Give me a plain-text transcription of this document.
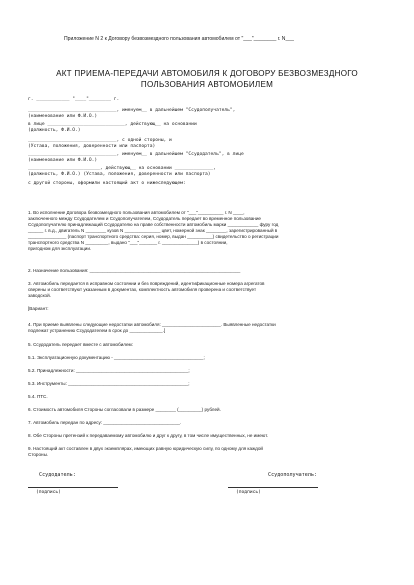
Приложение N 2 к Договору безвозмездного пользования автомобилем от "___"________ г. N___
АКТ ПРИЕМА-ПЕРЕДАЧИ АВТОМОБИЛЯ К ДОГОВОРУ БЕЗВОЗМЕЗДНОГО
ПОЛЬЗОВАНИЯ АВТОМОБИЛЕМ
г. ____________ "____"________ г.
________________________________, именуем__ в дальнейшем "Ссудополучатель",
(наименование или Ф.И.О.)
в лице ____________________________, действующ__ на основании
(должность, Ф.И.О.)
________________________________, с одной стороны, и
(Устава, положения, доверенности или паспорта)
________________________________, именуем__ в дальнейшем "Ссудодатель", в лице
(наименование или Ф.И.О.)
__________________________, действующ__ на основании ______________,
(должность, Ф.И.О.) (Устава, положения, доверенности или паспорта)
с другой стороны, оформили настоящий акт о нижеследующем:
1. Во исполнение Договора безвозмездного пользования автомобилем от "___"__________ г. N ____,
заключенного между Ссудодателем и Ссудополучателем, Ссудодатель передает во временное пользование
Ссудополучателю принадлежащий Ссудодателю на праве собственности автомобиль марки ____________ фуру год
______ г. в.д., двигатель N ________ кузов N ______________ цвет, номерной знак ________, зарегистрированный в
_______________ (паспорт транспортного средства: серия, номер, выдан __________) свидетельство о регистрации
транспортного средства N _________, выдано "___"_______ г. ______________) в состоянии,
пригодном для эксплуатации.
2. Назначение пользования: ___________________________________________________________
3. Автомобиль передается в исправном состоянии и без повреждений, идентификационные номера агрегатов
сверены и соответствуют указанным в документах, комплектность автомобиля проверена и соответствует
заводской.
[Вариант:
4. При приеме выявлены следующие недостатки автомобиля: _______________________. Выявленные недостатки
подлежат устранению Ссудодателем в срок до _____________.]
5. Ссудодатель передает вместе с автомобилем:
5.1. Эксплуатационную документацию - ___________________________________;
5.2. Принадлежности: ____________________________________________;
5.3. Инструменты: _______________________________________________;
5.4. ПТС.
6. Стоимость автомобиля Стороны согласовали в размере ________ (_________) рублей.
7. Автомобиль передан по адресу: ______________________________.
8. Обе Стороны претензий к передаваемому автомобилю и друг к другу, в том числе имущественных, не имеют.
9. Настоящий акт составлен в двух экземплярах, имеющих равную юридическую силу, по одному для каждой
Стороны.
Ссудодатель:	Ссудополучатель:
(подпись)	(подпись)
